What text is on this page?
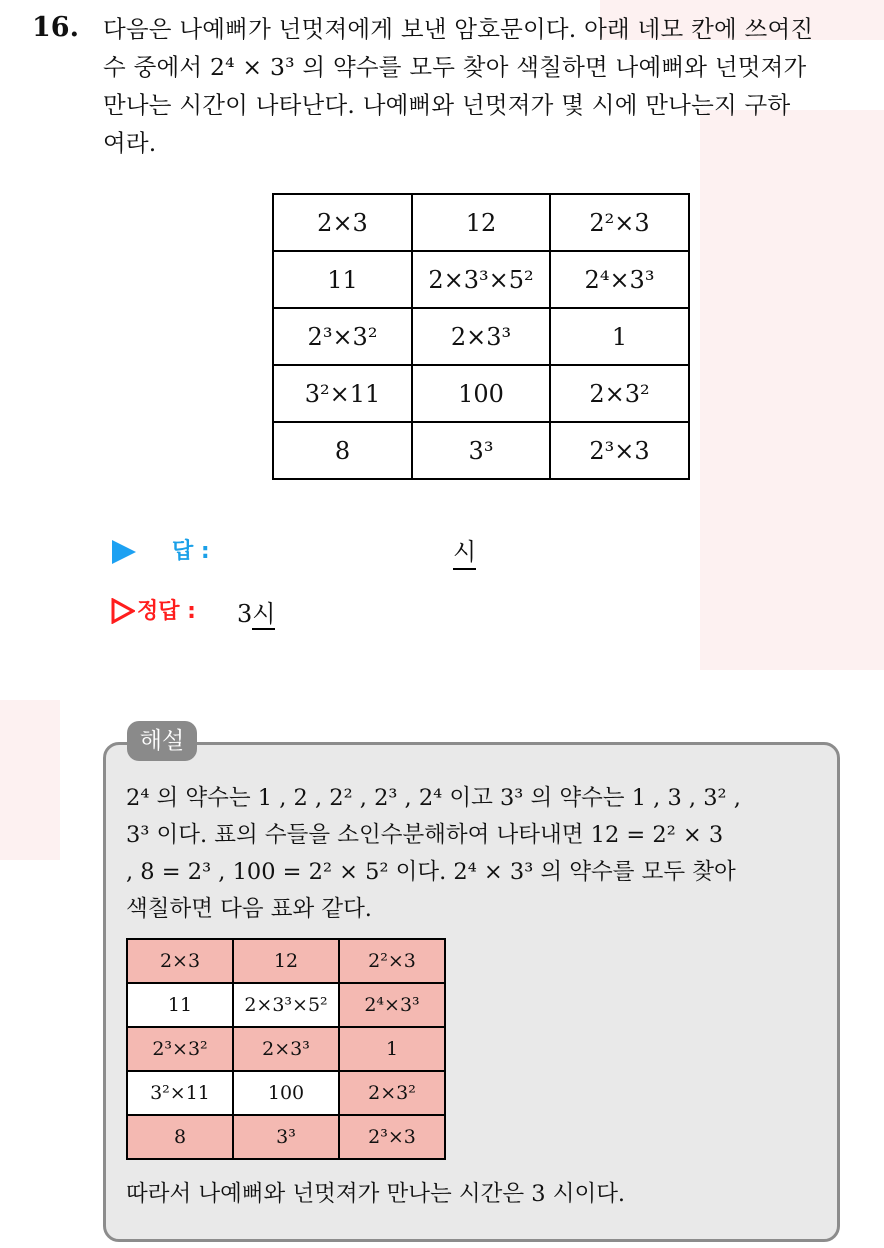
16. 다음은 나예뻐가 넌멋져에게 보낸 암호문이다. 아래 네모 칸에 쓰여진
수 중에서 2⁴ × 3³ 의 약수를 모두 찾아 색칠하면 나예뻐와 넌멋져가
만나는 시간이 나타난다. 나예뻐와 넌멋져가 몇 시에 만나는지 구하
여라.
2×3	12	2²×3
11	2×3³×5²	2⁴×3³
2³×3²	2×3³	1
3²×11	100	2×3²
8	3³	2³×3
답 :	시
정답 : 3시
해설
2⁴ 의 약수는 1 , 2 , 2² , 2³ , 2⁴ 이고 3³ 의 약수는 1 , 3 , 3² ,
3³ 이다. 표의 수들을 소인수분해하여 나타내면 12 = 2² × 3
, 8 = 2³ , 100 = 2² × 5² 이다. 2⁴ × 3³ 의 약수를 모두 찾아
색칠하면 다음 표와 같다.
2×3	12	2²×3
11	2×3³×5²	2⁴×3³
2³×3²	2×3³	1
3²×11	100	2×3²
8	3³	2³×3
따라서 나예뻐와 넌멋져가 만나는 시간은 3 시이다.
